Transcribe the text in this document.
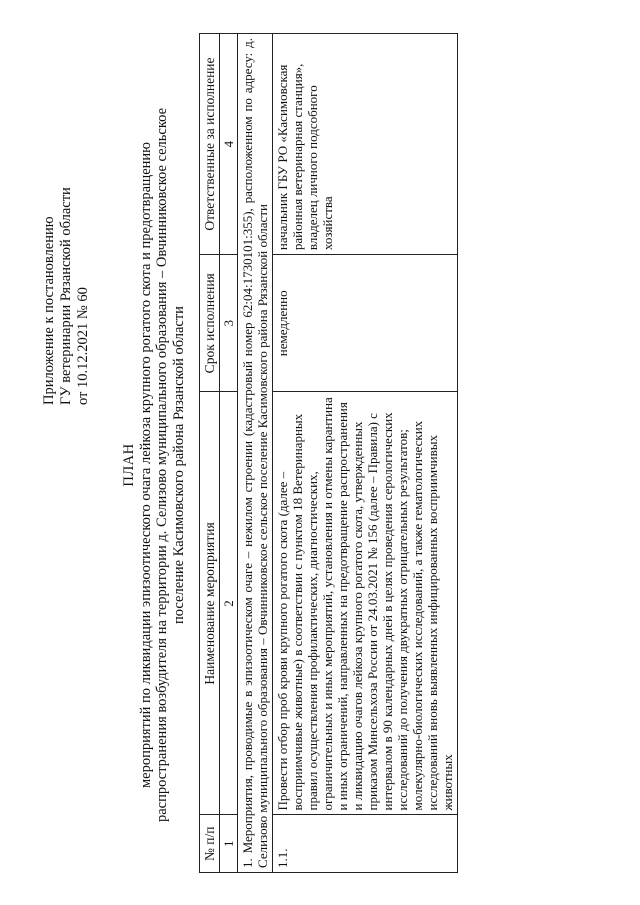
Приложение к постановлению ГУ ветеринарии Рязанской области от 10.12.2021 № 60
ПЛАН мероприятий по ликвидации эпизоотического очага лейкоза крупного рогатого скота и предотвращению распространения возбудителя на территории д. Селизово муниципального образования – Овчинниковское сельское поселение Касимовского района Рязанской области
№ п/п	Наименование мероприятия	Срок исполнения	Ответственные за исполнение
1	2	3	4
1. Мероприятия, проводимые в эпизоотическом очаге – нежилом строении (кадастровый номер 62:04:1730101:355), расположенном по адресу: д. Селизово муниципального образования – Овчинниковское сельское поселение Касимовского района Рязанской области			
1.1.	Провести отбор проб крови крупного рогатого скота (далее – восприимчивые животные) в соответствии с пунктом 18 Ветеринарных правил осуществления профилактических, диагностических, ограничительных и иных мероприятий, установления и отмены карантина и иных ограничений, направленных на предотвращение распространения и ликвидацию очагов лейкоза крупного рогатого скота, утвержденных приказом Минсельхоза России от 24.03.2021 № 156 (далее – Правила) с интервалом в 90 календарных дней в целях проведения серологических исследований до получения двукратных отрицательных результатов; молекулярно-биологических исследований, а также гематологических исследований вновь выявленных инфицированных восприимчивых животных	немедленно	начальник ГБУ РО «Касимовская районная ветеринарная станция», владелец личного подсобного хозяйства
